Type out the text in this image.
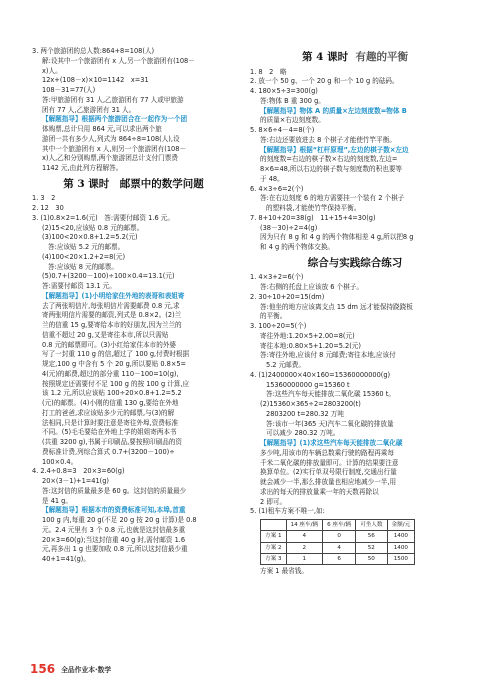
3. 两个旅游团的总人数:864+8=108(人)
解:设其中一个旅游团有 x 人,另一个旅游团有(108－
x)人。
12x+(108－x)×10=1142　x=31
108－31=77(人)
答:甲旅游团有 31 人,乙旅游团有 77 人或甲旅游
团有 77 人,乙旅游团有 31 人。
【解题指导】根据两个旅游团合在一起作为一个团
体购票,总计只用 864 元,可以求出两个旅
游团一共有多少人,列式为 864÷8=108(人),设
其中一个旅游团有 x 人,则另一个旅游团有(108－
x)人,乙和分别购票,两个旅游团总计支付门票费
1142 元,由此列方程解答。
第 3 课时　邮票中的数学问题
1. 3　2
2. 12　30
3. (1)0.8×2=1.6(元)　答:需要付邮资 1.6 元。
(2)15<20,应该贴 0.8 元的邮票。
(3)100<20×0.8+1.2=5.2(元)
答:应该贴 5.2 元的邮票。
(4)100<20×1.2+2=8(元)
答:应该贴 8 元的邮票。
(5)0.7+(3200－100)÷100×0.4=13.1(元)
答:需要付邮资 13.1 元。
【解题指导】(1)小明给家住外地的表哥和表姐寄
去了两张明信片,每张明信片需要邮费 0.8 元,求
寄两张明信片需要的邮资,列式是 0.8×2。(2)兰
兰的信重 15 g,要寄给本市的好朋友,因为兰兰的
信重不超过 20 g,又是寄往本市,所以只需贴
0.8 元的邮票即可。(3)小红给家住本市的外婆
写了一封重 110 g 的信,超过了 100 g,付费时根据
规定,100 g 中含有 5 个 20 g,所以要贴 0.8×5=
4(元)的邮费,超过的部分重 110－100=10(g),
按照规定还需要付不足 100 g 的按 100 g 计算,应
该 1.2 元,所以应该贴 100÷20×0.8+1.2=5.2
(元)的邮票。(4)小刚的信重 130 g,要给在外地
打工的爸爸,求应该贴多少元的邮票,与(3)的解
法相同,只是计算时要注意是寄往外埠,资费标准
不同。(5)毛毛要给在外地上学的姐姐寄两本书
(共重 3200 g),书属于印刷品,要按照印刷品的资
费标准计费,列综合算式 0.7+(3200－100)÷
100×0.4。
4. 2.4÷0.8=3　20×3=60(g)
20×(3－1)+1=41(g)
答:这封信的质量最多是 60 g。这封信的质量最少
是 41 g。
【解题指导】根据本市的资费标准可知,本埠,首重
100 g 内,每重 20 g(不足 20 g 按 20 g 计算)是 0.8
元。2.4 元里有 3 个 0.8 元,也就是这封信最多重
20×3=60(g);当这封信重 40 g 时,需付邮资 1.6
元,再多出 1 g 也要加收 0.8 元,所以这封信最少重
40+1=41(g)。
第 4 课时 有趣的平衡
1. 8　2　略
2. 放一个 50 g、一个 20 g 和一个 10 g 的砝码。
4. 180×5÷3=300(g)
答:物体 B 重 300 g。
【解题指导】物体 A 的质量×左边刻度数=物体 B
的质量×右边刻度数。
5. 8×6÷4－4=8(个)
答:右边还要放进去 8 个棋子才能使竹竿平衡。
【解题指导】根据“杠杆原理”,左边的棋子数×左边
的刻度数=右边的棋子数×右边的刻度数,左边=
8×6=48,所以右边的棋子数与刻度数的积也要等
于 48。
6. 4×3÷6=2(个)
答:在右边刻度 6 的地方需要挂一个装有 2 个棋子
的塑料袋,才能使竹竿保持平衡。
7. 8+10+20=38(g)　11+15+4=30(g)
(38－30)÷2=4(g)
因为只有 8 g 和 4 g 的两个物体相差 4 g,所以把8 g
和 4 g 的两个物体交换。
综合与实践综合练习
1. 4×3+2=6(个)
答:右侧的托盘上应该放 6 个棋子。
2. 30÷10+20=15(dm)
答:他坐的地方应该离支点 15 dm 远才能保持跷跷板
的平衡。
3. 100÷20=5(个)
寄往外地:1.20×5+2.00=8(元)
寄往本地:0.80×5+1.20=5.2(元)
答:寄往外地,应该付 8 元邮费;寄往本地,应该付
5.2 元邮费。
4. (1)2400000×40×160=15360000000(g)
15360000000 g=15360 t
答:这些汽车每天能排放二氧化碳 15360 t。
(2)15360×365÷2=2803200(t)
2803200 t=280.32 万吨
答:该市一年(365 天)汽车二氧化碳的排放量
可以减少 280.32 万吨。
【解题指导】(1)求这些汽车每天能排放二氧化碳
多少吨,用该市的车辆总数乘行驶的路程再乘每
千米二氧化碳的排放量即可。计算的结果要注意
换算单位。(2)实行单双号限行制度,交通出行量
就会减少一半,那么排放量也相应地减少一半,用
求出的每天的排放量乘一年的天数再除以
2 即可。
5. (1)租车方案不唯一,如:
	14 座车/辆	6 座车/辆	可坐人数	金额/元
方案 1	4	0	56	1400
方案 2	2	4	52	1400
方案 3	1	6	50	1500
方案 1 最省钱。
156 全品作业本·数学
